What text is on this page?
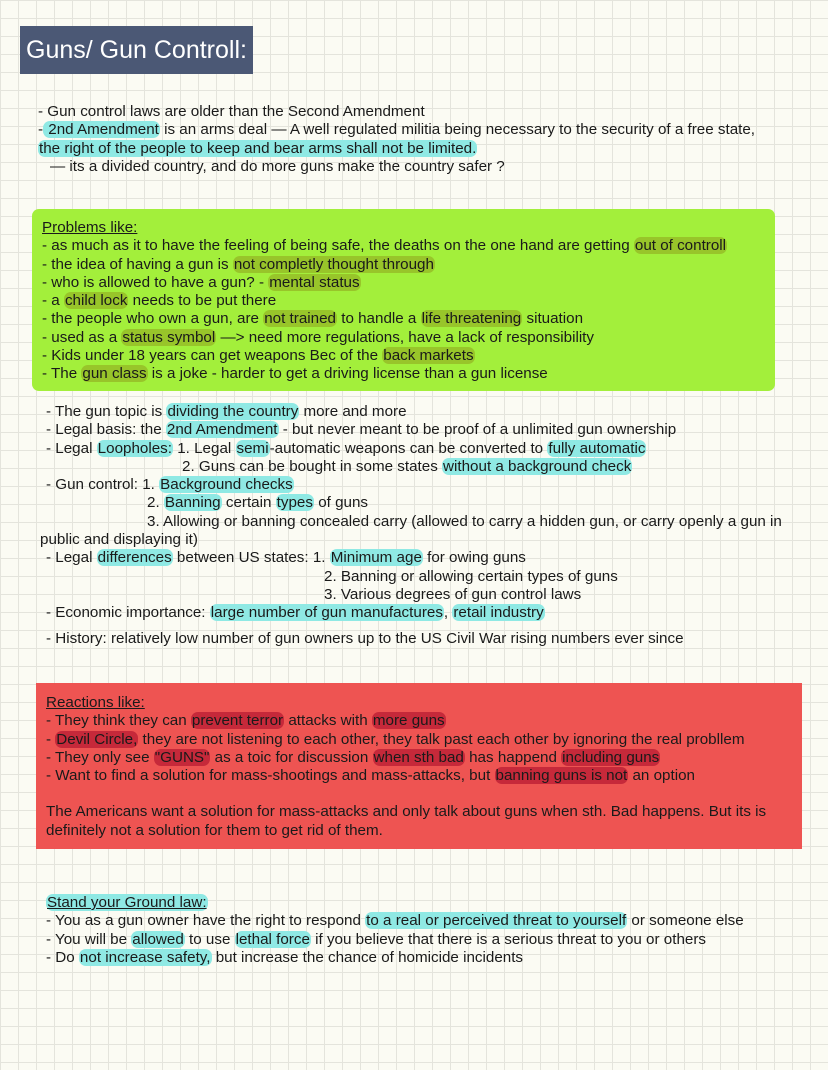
Guns/ Gun Controll:
- Gun control laws are older than the Second Amendment
- 2nd Amendment is an arms deal — A well regulated militia being necessary to the security of a free state,
the right of the people to keep and bear arms shall not be limited.
— its a divided country, and do more guns make the country safer ?
Problems like:
- as much as it to have the feeling of being safe, the deaths on the one hand are getting out of controll
- the idea of having a gun is not completly thought through
- who is allowed to have a gun? - mental status
- a child lock needs to be put there
- the people who own a gun, are not trained to handle a life threatening situation
- used as a status symbol —> need more regulations, have a lack of responsibility
- Kids under 18 years can get weapons Bec of the back markets
- The gun class is a joke - harder to get a driving license than a gun license
- The gun topic is dividing the country more and more
- Legal basis: the 2nd Amendment - but never meant to be proof of a unlimited gun ownership
- Legal Loopholes: 1. Legal semi-automatic weapons can be converted to fully automatic
2. Guns can be bought in some states without a background check
- Gun control: 1. Background checks
2. Banning certain types of guns
3. Allowing or banning concealed carry (allowed to carry a hidden gun, or carry openly a gun in public and displaying it)
- Legal differences between US states: 1. Minimum age for owing guns
2. Banning or allowing certain types of guns
3. Various degrees of gun control laws
- Economic importance: large number of gun manufactures, retail industry
- History: relatively low number of gun owners up to the US Civil War rising numbers ever since
Reactions like:
- They think they can prevent terror attacks with more guns
- Devil Circle, they are not listening to each other, they talk past each other by ignoring the real probllem
- They only see "GUNS" as a toic for discussion when sth bad has happend including guns
- Want to find a solution for mass-shootings and mass-attacks, but banning guns is not an option
The Americans want a solution for mass-attacks and only talk about guns when sth. Bad happens. But its is definitely not a solution for them to get rid of them.
Stand your Ground law:
- You as a gun owner have the right to respond to a real or perceived threat to yourself or someone else
- You will be allowed to use lethal force if you believe that there is a serious threat to you or others
- Do not increase safety, but increase the chance of homicide incidents
